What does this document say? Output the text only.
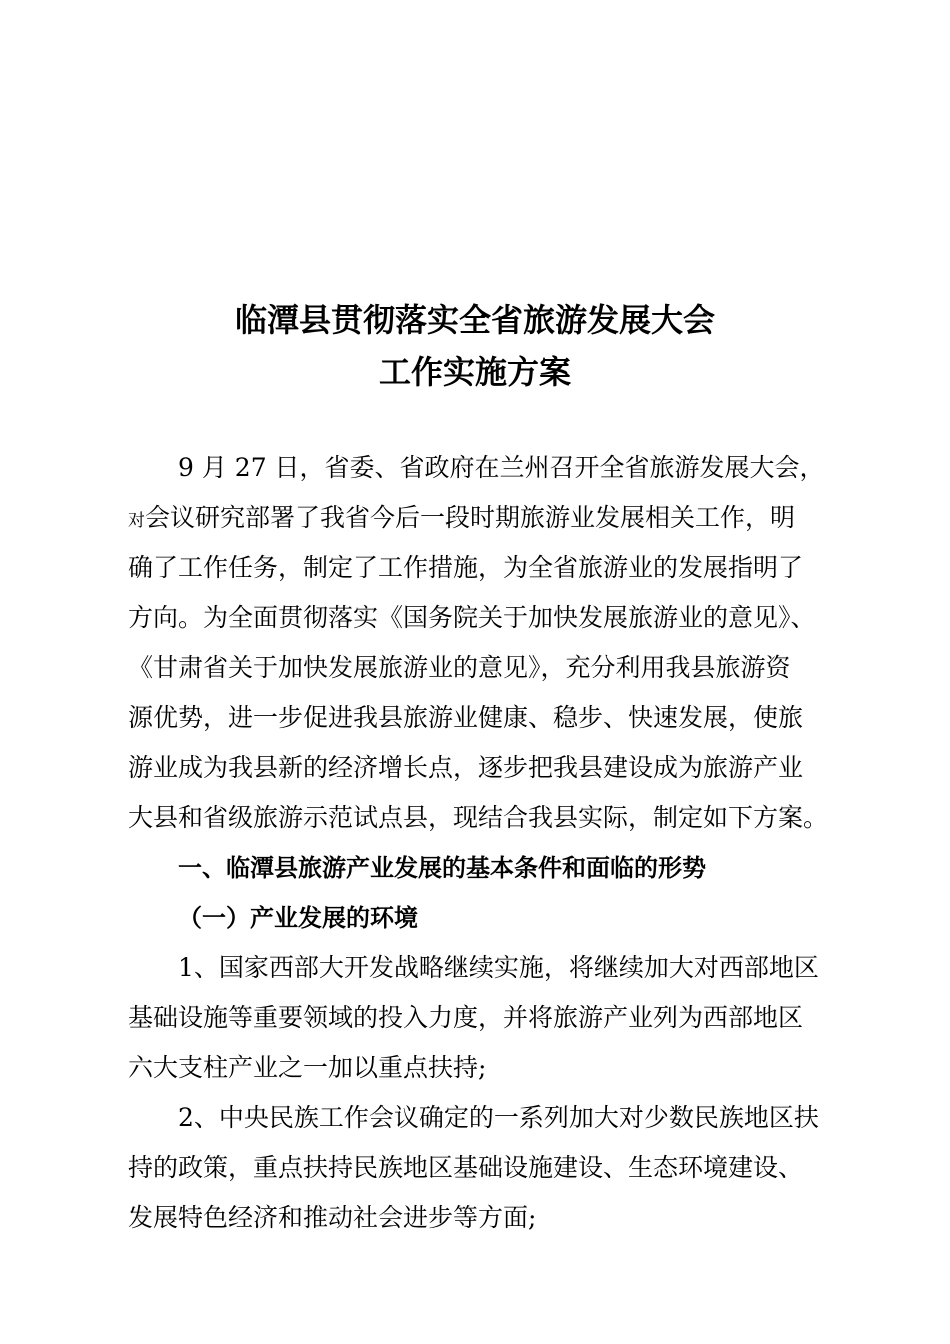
临潭县贯彻落实全省旅游发展大会
工作实施方案
9 月 27 日，省委、省政府在兰州召开全省旅游发展大会，
对会议研究部署了我省今后一段时期旅游业发展相关工作，明
确了工作任务，制定了工作措施，为全省旅游业的发展指明了
方向。为全面贯彻落实《国务院关于加快发展旅游业的意见》、
《甘肃省关于加快发展旅游业的意见》，充分利用我县旅游资
源优势，进一步促进我县旅游业健康、稳步、快速发展，使旅
游业成为我县新的经济增长点，逐步把我县建设成为旅游产业
大县和省级旅游示范试点县，现结合我县实际，制定如下方案。
一、临潭县旅游产业发展的基本条件和面临的形势
（一）产业发展的环境
1、国家西部大开发战略继续实施，将继续加大对西部地区
基础设施等重要领域的投入力度，并将旅游产业列为西部地区
六大支柱产业之一加以重点扶持;
2、中央民族工作会议确定的一系列加大对少数民族地区扶
持的政策，重点扶持民族地区基础设施建设、生态环境建设、
发展特色经济和推动社会进步等方面;
